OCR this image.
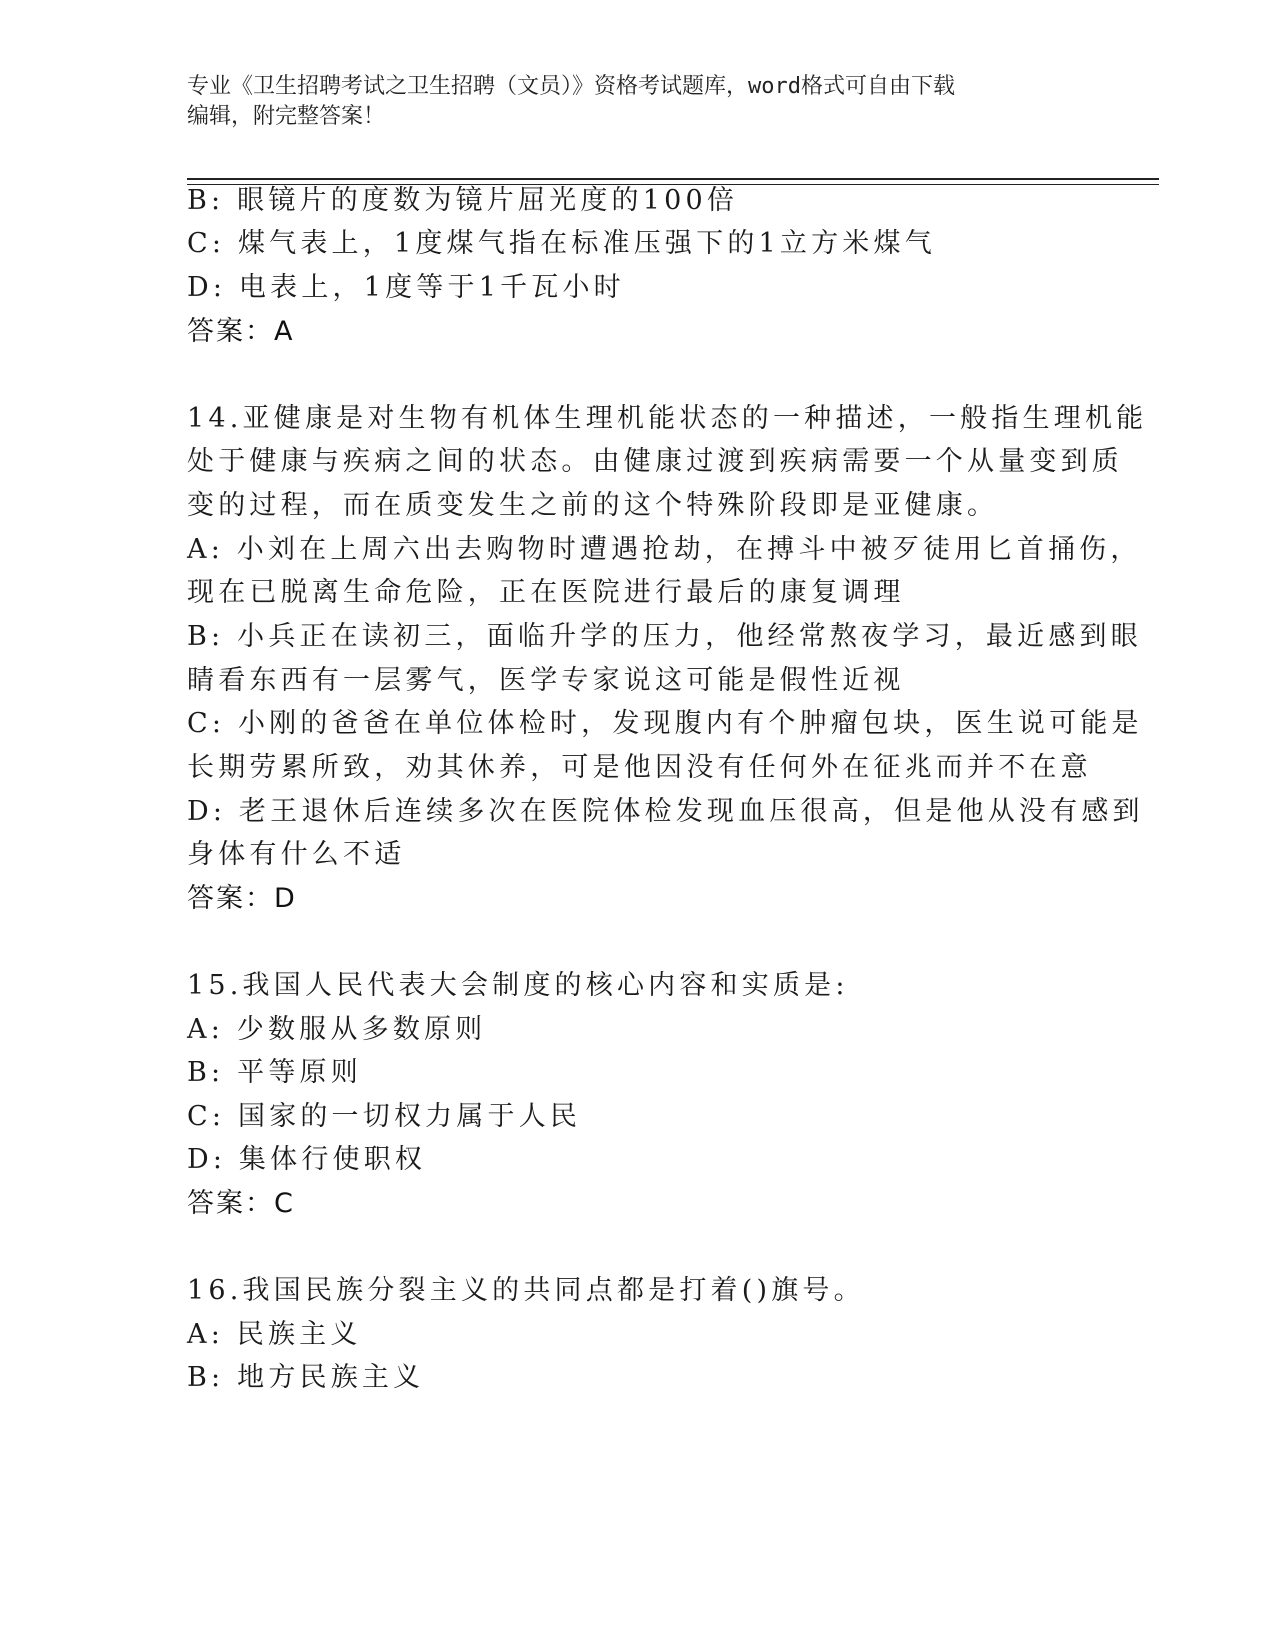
专业《卫生招聘考试之卫生招聘（文员）》资格考试题库，word格式可自由下载
编辑，附完整答案！
B: 眼镜片的度数为镜片屈光度的100倍
C: 煤气表上，1度煤气指在标准压强下的1立方米煤气
D: 电表上，1度等于1千瓦小时
答案：A
14.亚健康是对生物有机体生理机能状态的一种描述，一般指生理机能
处于健康与疾病之间的状态。由健康过渡到疾病需要一个从量变到质
变的过程，而在质变发生之前的这个特殊阶段即是亚健康。
A: 小刘在上周六出去购物时遭遇抢劫，在搏斗中被歹徒用匕首捅伤，
现在已脱离生命危险，正在医院进行最后的康复调理
B: 小兵正在读初三，面临升学的压力，他经常熬夜学习，最近感到眼
睛看东西有一层雾气，医学专家说这可能是假性近视
C: 小刚的爸爸在单位体检时，发现腹内有个肿瘤包块，医生说可能是
长期劳累所致，劝其休养，可是他因没有任何外在征兆而并不在意
D: 老王退休后连续多次在医院体检发现血压很高，但是他从没有感到
身体有什么不适
答案：D
15.我国人民代表大会制度的核心内容和实质是:
A: 少数服从多数原则
B: 平等原则
C: 国家的一切权力属于人民
D: 集体行使职权
答案：C
16.我国民族分裂主义的共同点都是打着()旗号。
A: 民族主义
B: 地方民族主义
